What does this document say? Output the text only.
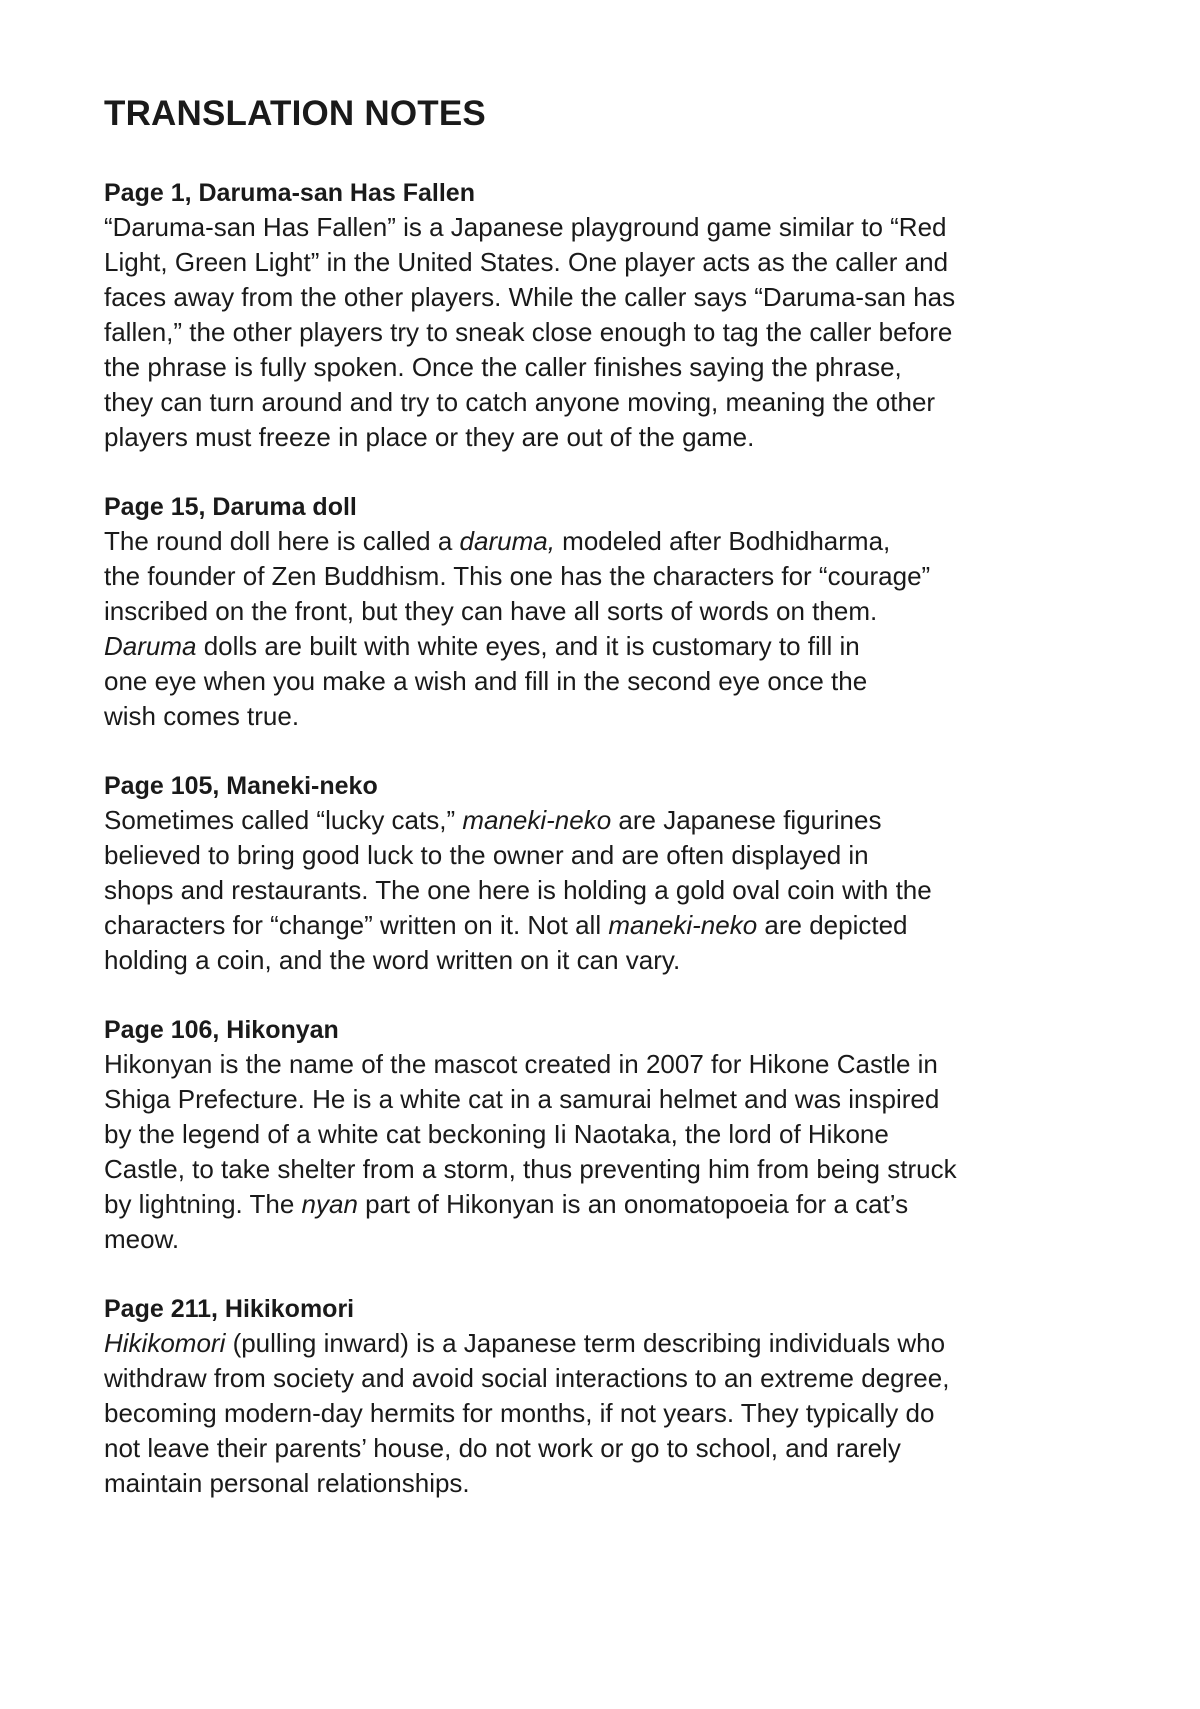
TRANSLATION NOTES
Page 1, Daruma-san Has Fallen

“Daruma-san Has Fallen” is a Japanese playground game similar to “Red
Light, Green Light” in the United States. One player acts as the caller and
faces away from the other players. While the caller says “Daruma-san has
fallen,” the other players try to sneak close enough to tag the caller before
the phrase is fully spoken. Once the caller finishes saying the phrase,
they can turn around and try to catch anyone moving, meaning the other
players must freeze in place or they are out of the game.

Page 15, Daruma doll

The round doll here is called a daruma, modeled after Bodhidharma,
the founder of Zen Buddhism. This one has the characters for “courage”
inscribed on the front, but they can have all sorts of words on them.
Daruma dolls are built with white eyes, and it is customary to fill in
one eye when you make a wish and fill in the second eye once the
wish comes true.

Page 105, Maneki-neko

Sometimes called “lucky cats,” maneki-neko are Japanese figurines
believed to bring good luck to the owner and are often displayed in
shops and restaurants. The one here is holding a gold oval coin with the
characters for “change” written on it. Not all maneki-neko are depicted
holding a coin, and the word written on it can vary.

Page 106, Hikonyan

Hikonyan is the name of the mascot created in 2007 for Hikone Castle in
Shiga Prefecture. He is a white cat in a samurai helmet and was inspired
by the legend of a white cat beckoning Ii Naotaka, the lord of Hikone
Castle, to take shelter from a storm, thus preventing him from being struck
by lightning. The nyan part of Hikonyan is an onomatopoeia for a cat’s
meow.

Page 211, Hikikomori

Hikikomori (pulling inward) is a Japanese term describing individuals who
withdraw from society and avoid social interactions to an extreme degree,
becoming modern-day hermits for months, if not years. They typically do
not leave their parents’ house, do not work or go to school, and rarely
maintain personal relationships.
